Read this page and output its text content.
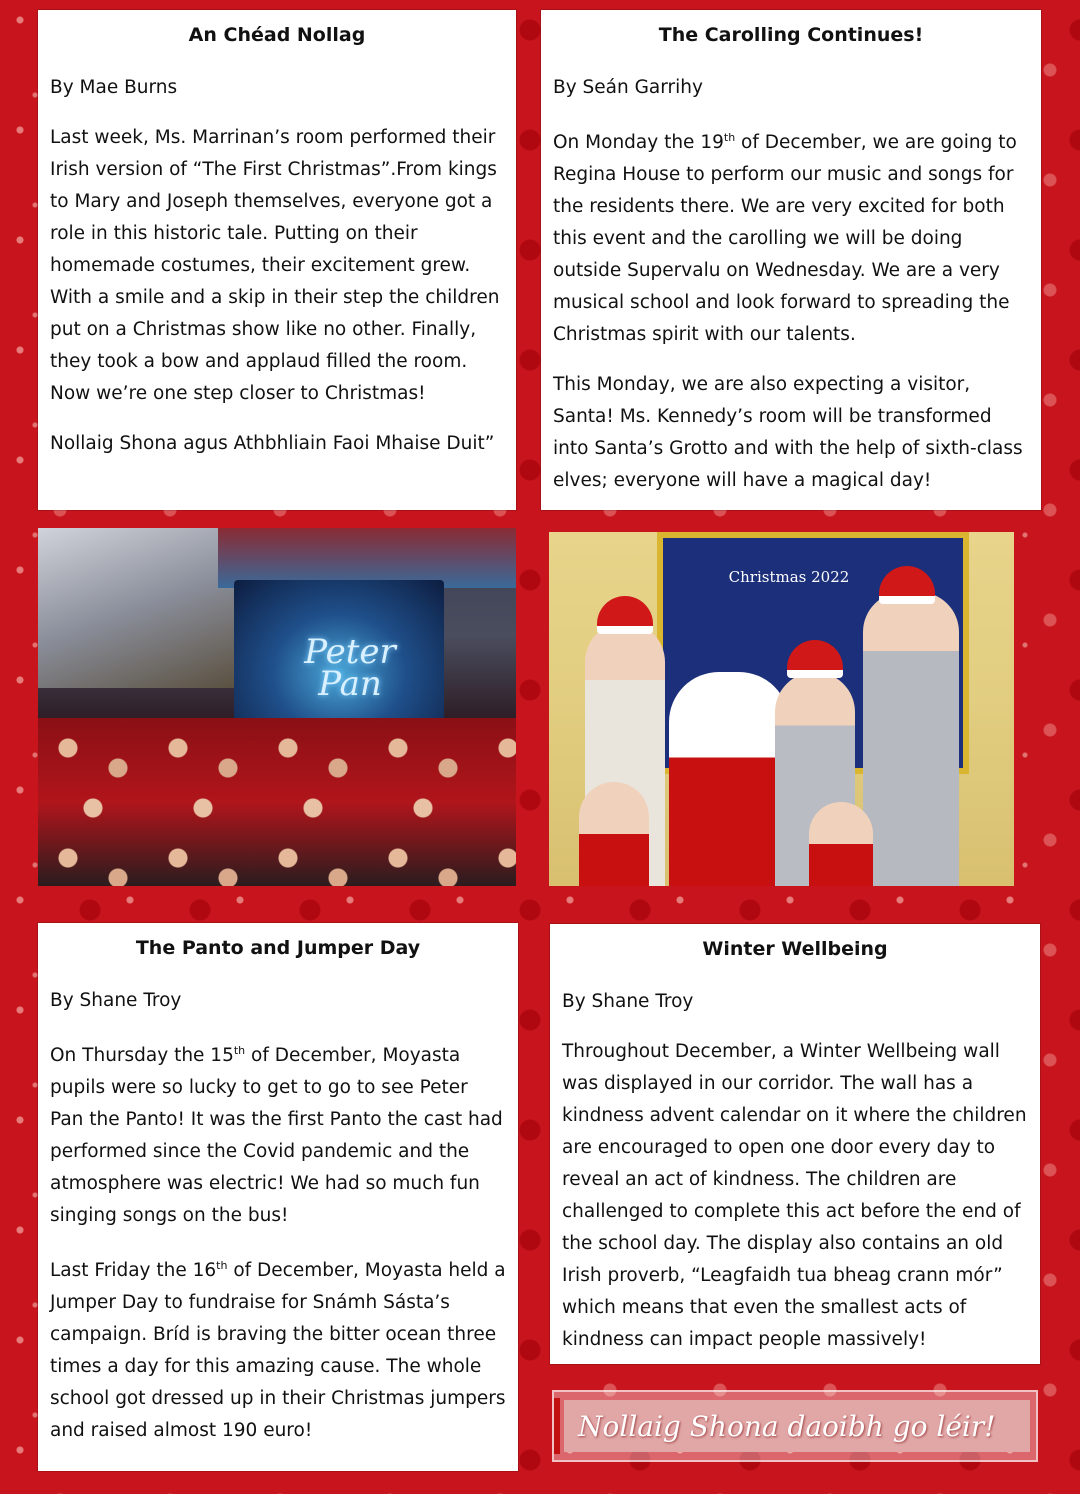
An Chéad Nollag

By Mae Burns

Last week, Ms. Marrinan’s room performed their Irish version of “The First Christmas”.From kings to Mary and Joseph themselves, everyone got a role in this historic tale. Putting on their homemade costumes, their excitement grew. With a smile and a skip in their step the children put on a Christmas show like no other. Finally, they took a bow and applaud filled the room. Now we’re one step closer to Christmas!

Nollaig Shona agus Athbhliain Faoi Mhaise Duit”

The Carolling Continues!

By Seán Garrihy

On Monday the 19th of December, we are going to Regina House to perform our music and songs for the residents there. We are very excited for both this event and the carolling we will be doing outside Supervalu on Wednesday. We are a very musical school and look forward to spreading the Christmas spirit with our talents.

This Monday, we are also expecting a visitor, Santa! Ms. Kennedy’s room will be transformed into Santa’s Grotto and with the help of sixth-class elves; everyone will have a magical day!

Peter Pan
Christmas 2022
The Panto and Jumper Day

By Shane Troy

On Thursday the 15th of December, Moyasta pupils were so lucky to get to go to see Peter Pan the Panto! It was the first Panto the cast had performed since the Covid pandemic and the atmosphere was electric! We had so much fun singing songs on the bus!

Last Friday the 16th of December, Moyasta held a Jumper Day to fundraise for Snámh Sásta’s campaign. Bríd is braving the bitter ocean three times a day for this amazing cause. The whole school got dressed up in their Christmas jumpers and raised almost 190 euro!

Winter Wellbeing

By Shane Troy

Throughout December, a Winter Wellbeing wall was displayed in our corridor. The wall has a kindness advent calendar on it where the children are encouraged to open one door every day to reveal an act of kindness. The children are challenged to complete this act before the end of the school day. The display also contains an old Irish proverb, “Leagfaidh tua bheag crann mór” which means that even the smallest acts of kindness can impact people massively!

Nollaig Shona daoibh go léir!
